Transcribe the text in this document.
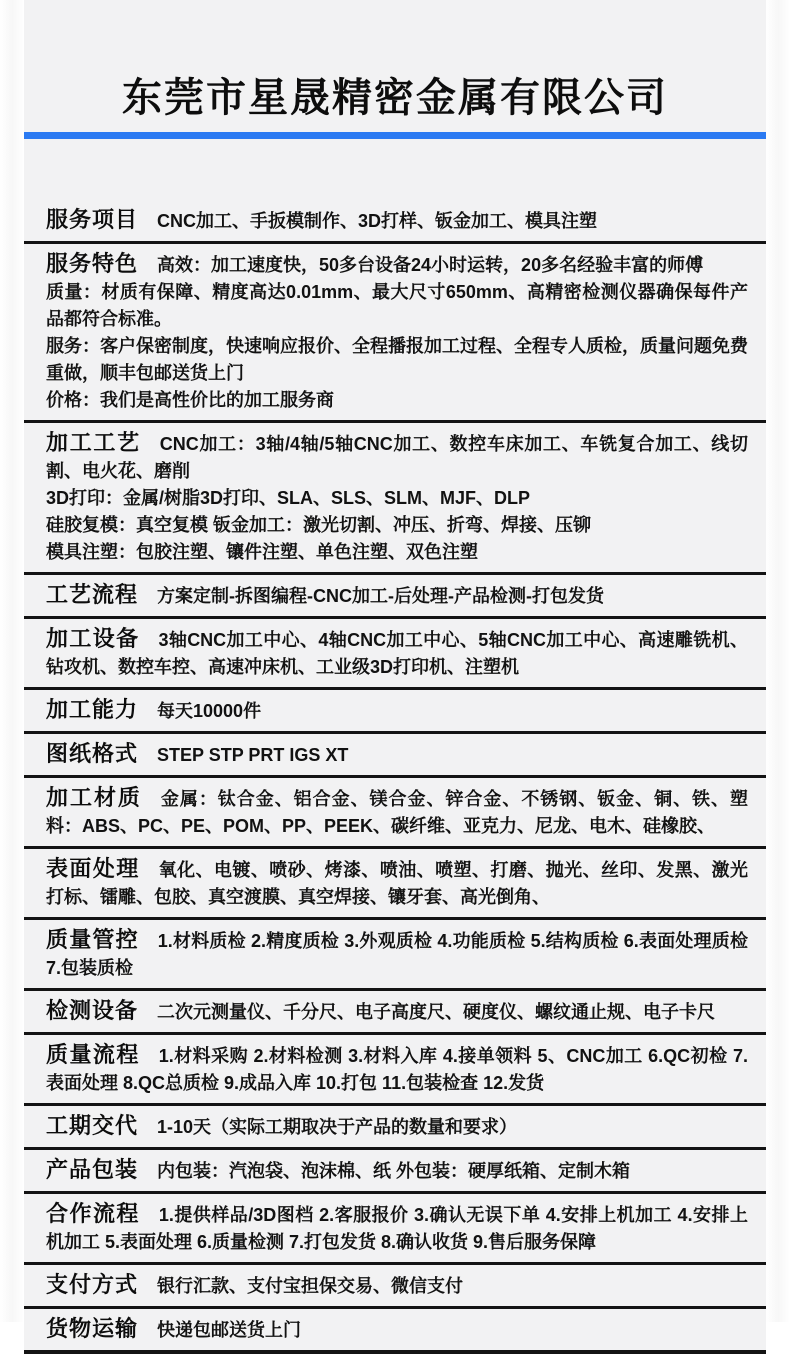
东莞市星晟精密金属有限公司

服务项目 CNC加工、手扳模制作、3D打样、钣金加工、模具注塑

服务特色 高效：加工速度快，50多台设备24小时运转，20多名经验丰富的师傅

质量：材质有保障、精度高达0.01mm、最大尺寸650mm、高精密检测仪器确保每件产品都符合标准。

服务：客户保密制度，快速响应报价、全程播报加工过程、全程专人质检，质量问题免费重做，顺丰包邮送货上门

价格：我们是高性价比的加工服务商

加工工艺 CNC加工：3轴/4轴/5轴CNC加工、数控车床加工、车铣复合加工、线切割、电火花、磨削

3D打印：金属/树脂3D打印、SLA、SLS、SLM、MJF、DLP

硅胶复模：真空复模 钣金加工：激光切割、冲压、折弯、焊接、压铆

模具注塑：包胶注塑、镶件注塑、单色注塑、双色注塑

工艺流程 方案定制-拆图编程-CNC加工-后处理-产品检测-打包发货

加工设备 3轴CNC加工中心、4轴CNC加工中心、5轴CNC加工中心、高速雕铣机、钻攻机、数控车控、高速冲床机、工业级3D打印机、注塑机

加工能力 每天10000件

图纸格式 STEP STP PRT IGS XT

加工材质 金属：钛合金、铝合金、镁合金、锌合金、不锈钢、钣金、铜、铁、塑料：ABS、PC、PE、POM、PP、PEEK、碳纤维、亚克力、尼龙、电木、硅橡胶、

表面处理 氧化、电镀、喷砂、烤漆、喷油、喷塑、打磨、抛光、丝印、发黑、激光打标、镭雕、包胶、真空渡膜、真空焊接、镶牙套、高光倒角、

质量管控 1.材料质检 2.精度质检 3.外观质检 4.功能质检 5.结构质检 6.表面处理质检 7.包装质检

检测设备 二次元测量仪、千分尺、电子高度尺、硬度仪、螺纹通止规、电子卡尺

质量流程 1.材料采购 2.材料检测 3.材料入库 4.接单领料 5、CNC加工 6.QC初检 7.表面处理 8.QC总质检 9.成品入库 10.打包 11.包装检查 12.发货

工期交代 1-10天（实际工期取决于产品的数量和要求）

产品包装 内包装：汽泡袋、泡沫棉、纸 外包装：硬厚纸箱、定制木箱

合作流程 1.提供样品/3D图档 2.客服报价 3.确认无误下单 4.安排上机加工 4.安排上机加工 5.表面处理 6.质量检测 7.打包发货 8.确认收货 9.售后服务保障

支付方式 银行汇款、支付宝担保交易、微信支付

货物运输 快递包邮送货上门
